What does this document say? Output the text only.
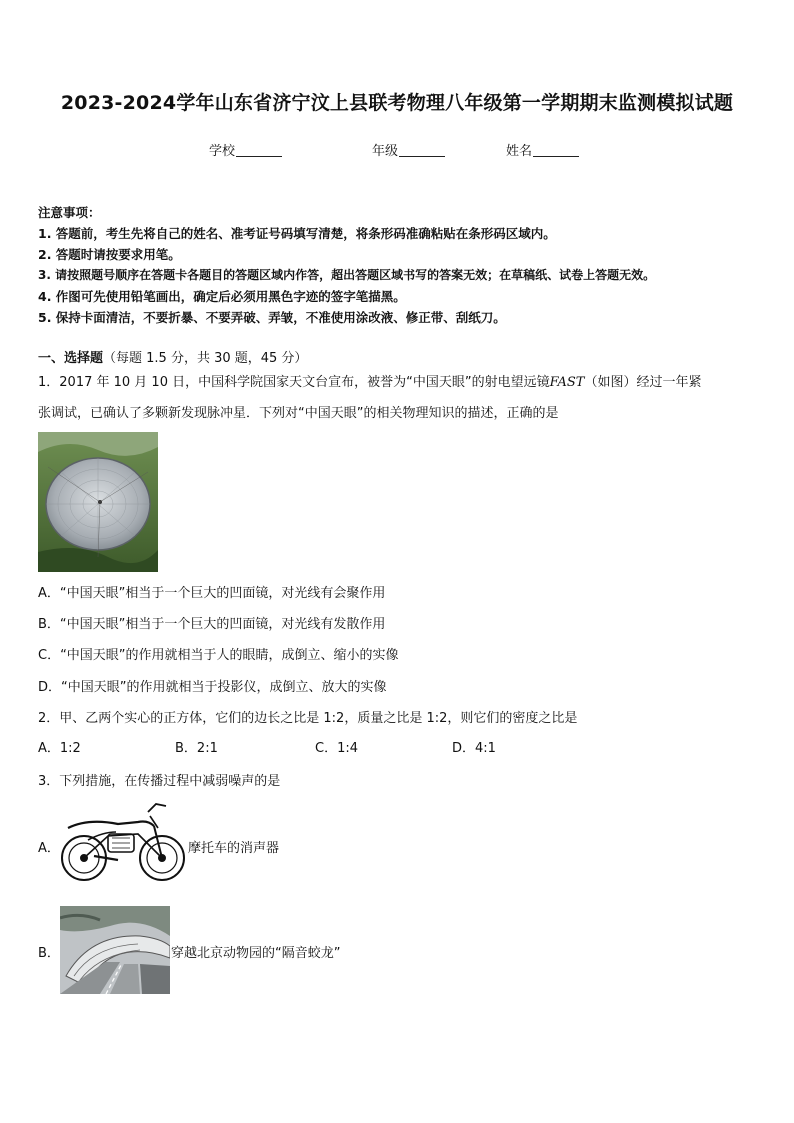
2023-2024学年山东省济宁汶上县联考物理八年级第一学期期末监测模拟试题
学校	年级	姓名
注意事项：
1. 答题前，考生先将自己的姓名、准考证号码填写清楚，将条形码准确粘贴在条形码区域内。
2. 答题时请按要求用笔。
3. 请按照题号顺序在答题卡各题目的答题区域内作答，超出答题区域书写的答案无效；在草稿纸、试卷上答题无效。
4. 作图可先使用铅笔画出，确定后必须用黑色字迹的签字笔描黑。
5. 保持卡面清洁，不要折暴、不要弄破、弄皱，不准使用涂改液、修正带、刮纸刀。
一、选择题（每题 1.5 分，共 30 题，45 分）
1．2017 年 10 月 10 日，中国科学院国家天文台宣布，被誉为“中国天眼”的射电望远镜FAST（如图）经过一年紧
张调试，已确认了多颗新发现脉冲星．下列对“中国天眼”的相关物理知识的描述，正确的是
A．“中国天眼”相当于一个巨大的凹面镜，对光线有会聚作用
B．“中国天眼”相当于一个巨大的凹面镜，对光线有发散作用
C．“中国天眼”的作用就相当于人的眼睛，成倒立、缩小的实像
D．“中国天眼”的作用就相当于投影仪，成倒立、放大的实像
2．甲、乙两个实心的正方体，它们的边长之比是 1:2，质量之比是 1:2，则它们的密度之比是
A．1:2	B．2:1	C．1:4	D．4:1
3．下列措施，在传播过程中减弱噪声的是
A．	摩托车的消声器
B．	穿越北京动物园的“隔音蛟龙”
